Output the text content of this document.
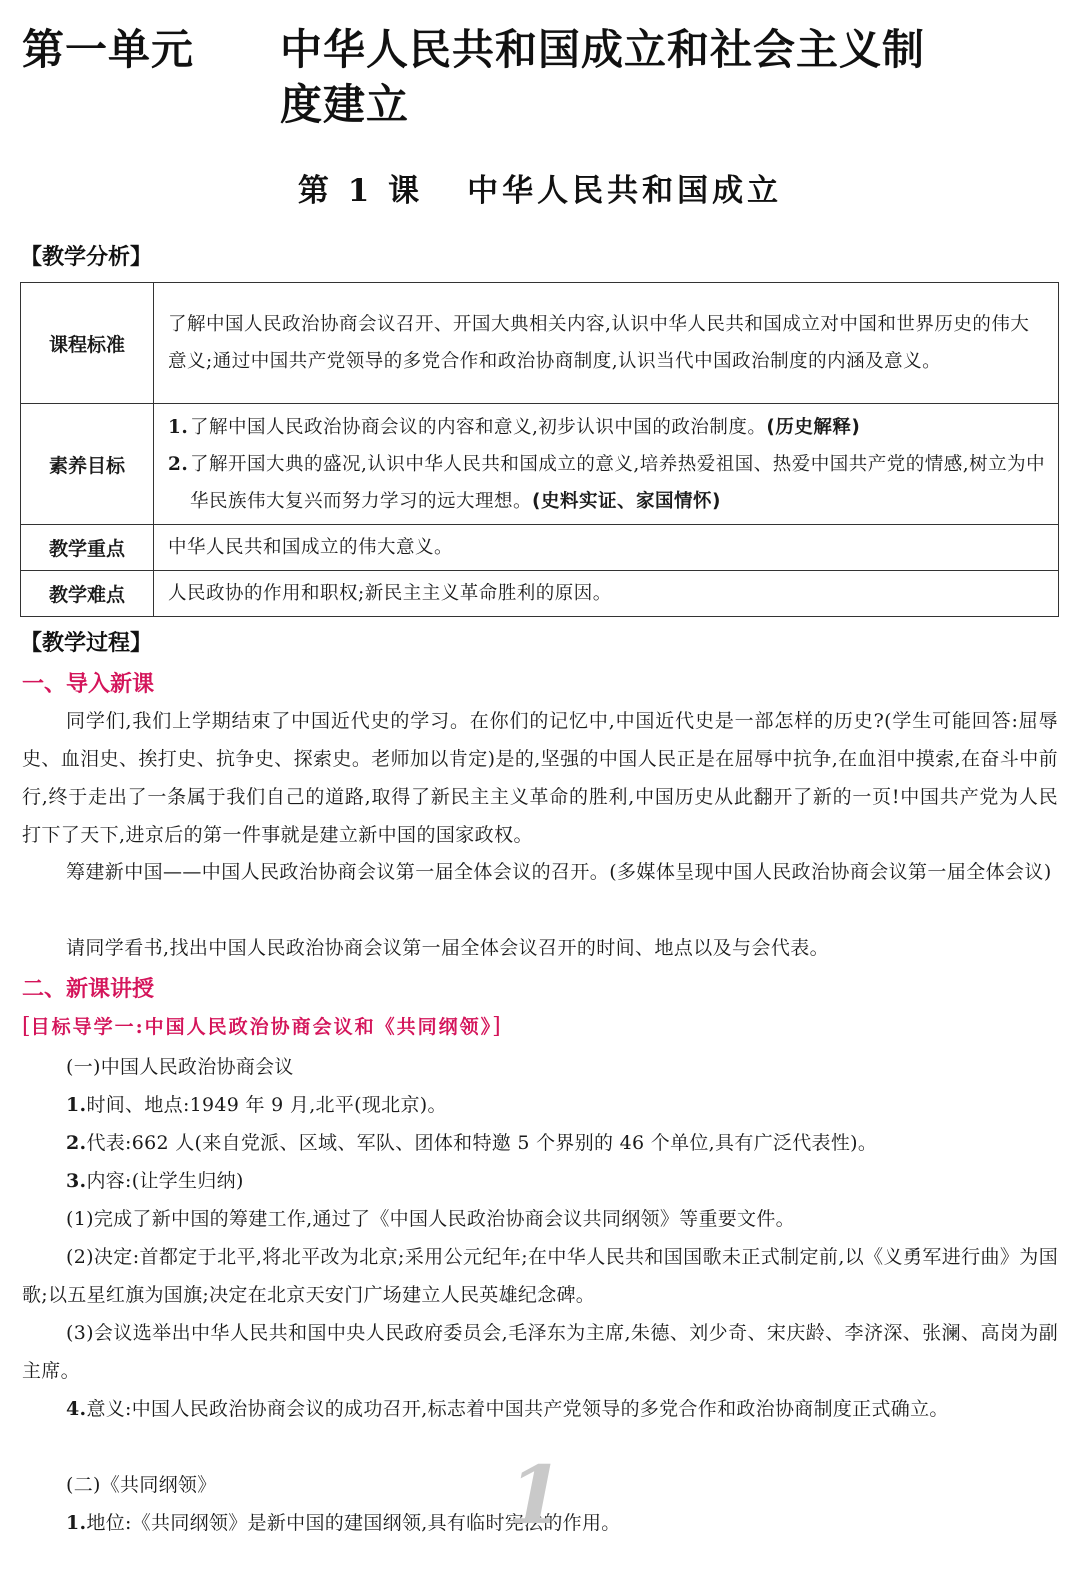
第一单元 中华人民共和国成立和社会主义制
度建立
第 1 课 中华人民共和国成立
【教学分析】
课程标准	了解中国人民政治协商会议召开、开国大典相关内容,认识中华人民共和国成立对中国和世界历史的伟大意义;通过中国共产党领导的多党合作和政治协商制度,认识当代中国政治制度的内涵及意义。
素养目标	1.了解中国人民政治协商会议的内容和意义,初步认识中国的政治制度。(历史解释)
2.了解开国大典的盛况,认识中华人民共和国成立的意义,培养热爱祖国、热爱中国共产党的情感,树立为中华民族伟大复兴而努力学习的远大理想。(史料实证、家国情怀)

教学重点	中华人民共和国成立的伟大意义。
教学难点	人民政协的作用和职权;新民主主义革命胜利的原因。
【教学过程】
一、导入新课
同学们,我们上学期结束了中国近代史的学习。在你们的记忆中,中国近代史是一部怎样的历史?(学生可能回答:屈辱史、血泪史、挨打史、抗争史、探索史。老师加以肯定)是的,坚强的中国人民正是在屈辱中抗争,在血泪中摸索,在奋斗中前行,终于走出了一条属于我们自己的道路,取得了新民主主义革命的胜利,中国历史从此翻开了新的一页!中国共产党为人民打下了天下,进京后的第一件事就是建立新中国的国家政权。
筹建新中国——中国人民政治协商会议第一届全体会议的召开。(多媒体呈现中国人民政治协商会议第一届全体会议)
请同学看书,找出中国人民政治协商会议第一届全体会议召开的时间、地点以及与会代表。
二、新课讲授
[目标导学一:中国人民政治协商会议和《共同纲领》]
(一)中国人民政治协商会议
1.时间、地点:1949 年 9 月,北平(现北京)。
2.代表:662 人(来自党派、区域、军队、团体和特邀 5 个界别的 46 个单位,具有广泛代表性)。
3.内容:(让学生归纳)
(1)完成了新中国的筹建工作,通过了《中国人民政治协商会议共同纲领》等重要文件。
(2)决定:首都定于北平,将北平改为北京;采用公元纪年;在中华人民共和国国歌未正式制定前,以《义勇军进行曲》为国歌;以五星红旗为国旗;决定在北京天安门广场建立人民英雄纪念碑。
(3)会议选举出中华人民共和国中央人民政府委员会,毛泽东为主席,朱德、刘少奇、宋庆龄、李济深、张澜、高岗为副主席。
4.意义:中国人民政治协商会议的成功召开,标志着中国共产党领导的多党合作和政治协商制度正式确立。
(二)《共同纲领》
1.地位:《共同纲领》是新中国的建国纲领,具有临时宪法的作用。
1
